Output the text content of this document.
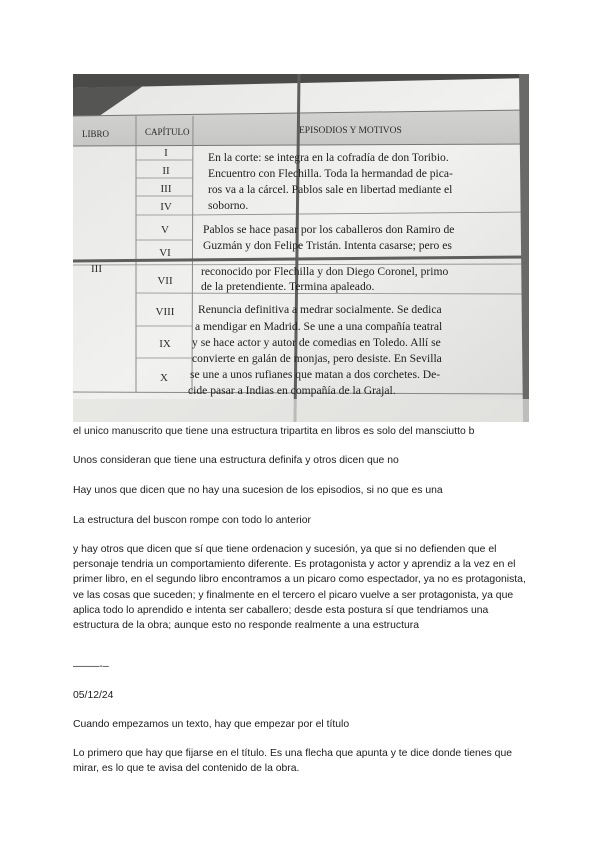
LIBRO	CAPÍTULO	EPISODIOS Y MOTIVOS
III
I
II
III
IV
V
VI
VII
VIII
IX
X
En la corte: se integra en la cofradía de don Toribio.
Encuentro con Flechilla. Toda la hermandad de pica-
ros va a la cárcel. Pablos sale en libertad mediante el
soborno.
Pablos se hace pasar por los caballeros don Ramiro de
Guzmán y don Felipe Tristán. Intenta casarse; pero es
reconocido por Flechilla y don Diego Coronel, primo
de la pretendiente. Termina apaleado.
Renuncia definitiva a medrar socialmente. Se dedica
a mendigar en Madrid. Se une a una compañía teatral
y se hace actor y autor de comedias en Toledo. Allí se
convierte en galán de monjas, pero desiste. En Sevilla
se une a unos rufianes que matan a dos corchetes. De-
cide pasar a Indias en compañía de la Grajal.

el unico manuscrito que tiene una estructura tripartita en libros es solo del mansciutto b

Unos consideran que tiene una estructura definifa y otros dicen que no

Hay unos que dicen que no hay una sucesion de los episodios, si no que es una

La estructura del buscon rompe con todo lo anterior

y hay otros que dicen que sí que tiene ordenacion y sucesión, ya que si no defienden que el personaje tendria un comportamiento diferente. Es protagonista y actor y aprendiz a la vez en el primer libro, en el segundo libro encontramos a un picaro como espectador, ya no es protagonista, ve las cosas que suceden; y finalmente en el tercero el picaro vuelve a ser protagonista, ya que aplica todo lo aprendido e intenta ser caballero; desde esta postura sí que tendriamos una estructura de la obra; aunque esto no responde realmente a una estructura

——–-–

05/12/24

Cuando empezamos un texto, hay que empezar por el título

Lo primero que hay que fijarse en el título. Es una flecha que apunta y te dice donde tienes que mirar, es lo que te avisa del contenido de la obra.
